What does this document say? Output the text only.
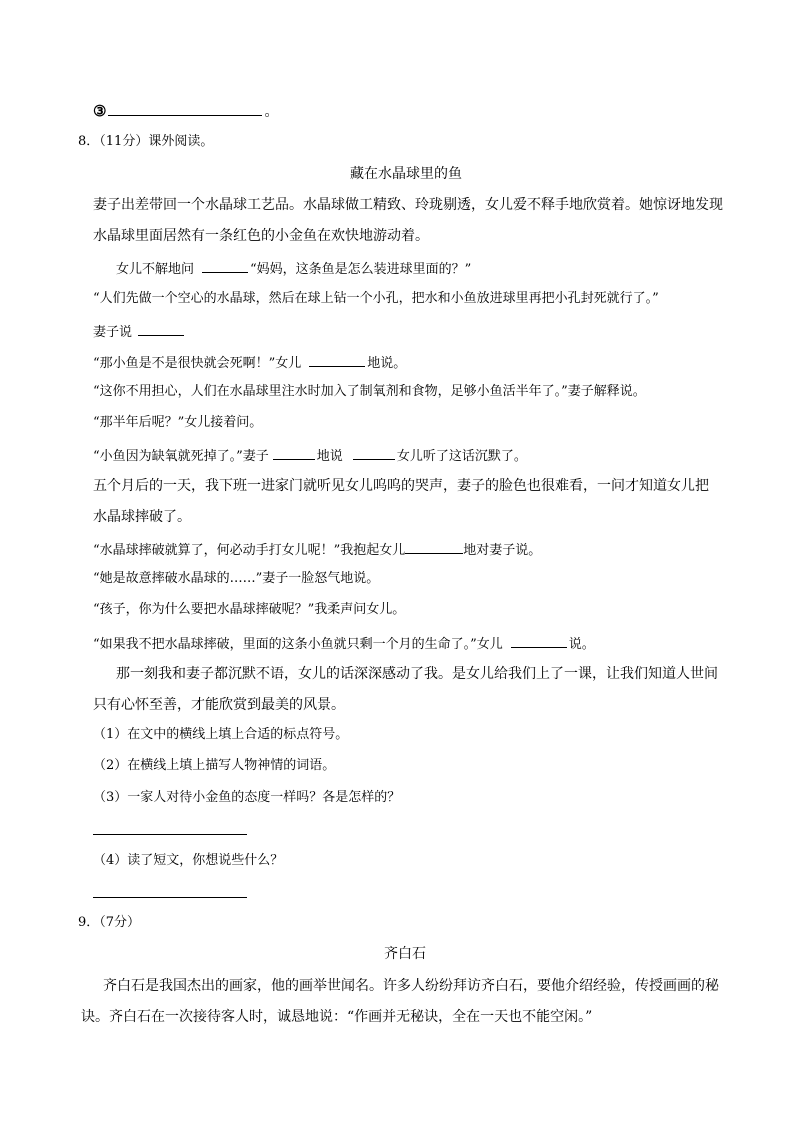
③	。
8．（11分）课外阅读。
藏在水晶球里的鱼
妻子出差带回一个水晶球工艺品。水晶球做工精致、玲珑剔透，女儿爱不释手地欣赏着。她惊讶地发现
水晶球里面居然有一条红色的小金鱼在欢快地游动着。
女儿不解地问	“妈妈，这条鱼是怎么装进球里面的？”
“人们先做一个空心的水晶球，然后在球上钻一个小孔，把水和小鱼放进球里再把小孔封死就行了。”
妻子说
“那小鱼是不是很快就会死啊！”女儿	地说。
“这你不用担心，人们在水晶球里注水时加入了制氧剂和食物，足够小鱼活半年了。”妻子解释说。
“那半年后呢？”女儿接着问。
“小鱼因为缺氧就死掉了。”妻子	地说	女儿听了这话沉默了。
五个月后的一天，我下班一进家门就听见女儿呜呜的哭声，妻子的脸色也很难看，一问才知道女儿把
水晶球摔破了。
“水晶球摔破就算了，何必动手打女儿呢！”我抱起女儿	地对妻子说。
“她是故意摔破水晶球的……”妻子一脸怒气地说。
“孩子，你为什么要把水晶球摔破呢？”我柔声问女儿。
“如果我不把水晶球摔破，里面的这条小鱼就只剩一个月的生命了。”女儿	说。
那一刻我和妻子都沉默不语，女儿的话深深感动了我。是女儿给我们上了一课，让我们知道人世间
只有心怀至善，才能欣赏到最美的风景。
（1）在文中的横线上填上合适的标点符号。
（2）在横线上填上描写人物神情的词语。
（3）一家人对待小金鱼的态度一样吗？各是怎样的？
（4）读了短文，你想说些什么？
9．（7分）
齐白石
齐白石是我国杰出的画家，他的画举世闻名。许多人纷纷拜访齐白石，要他介绍经验，传授画画的秘
诀。齐白石在一次接待客人时，诚恳地说：“作画并无秘诀，全在一天也不能空闲。”
